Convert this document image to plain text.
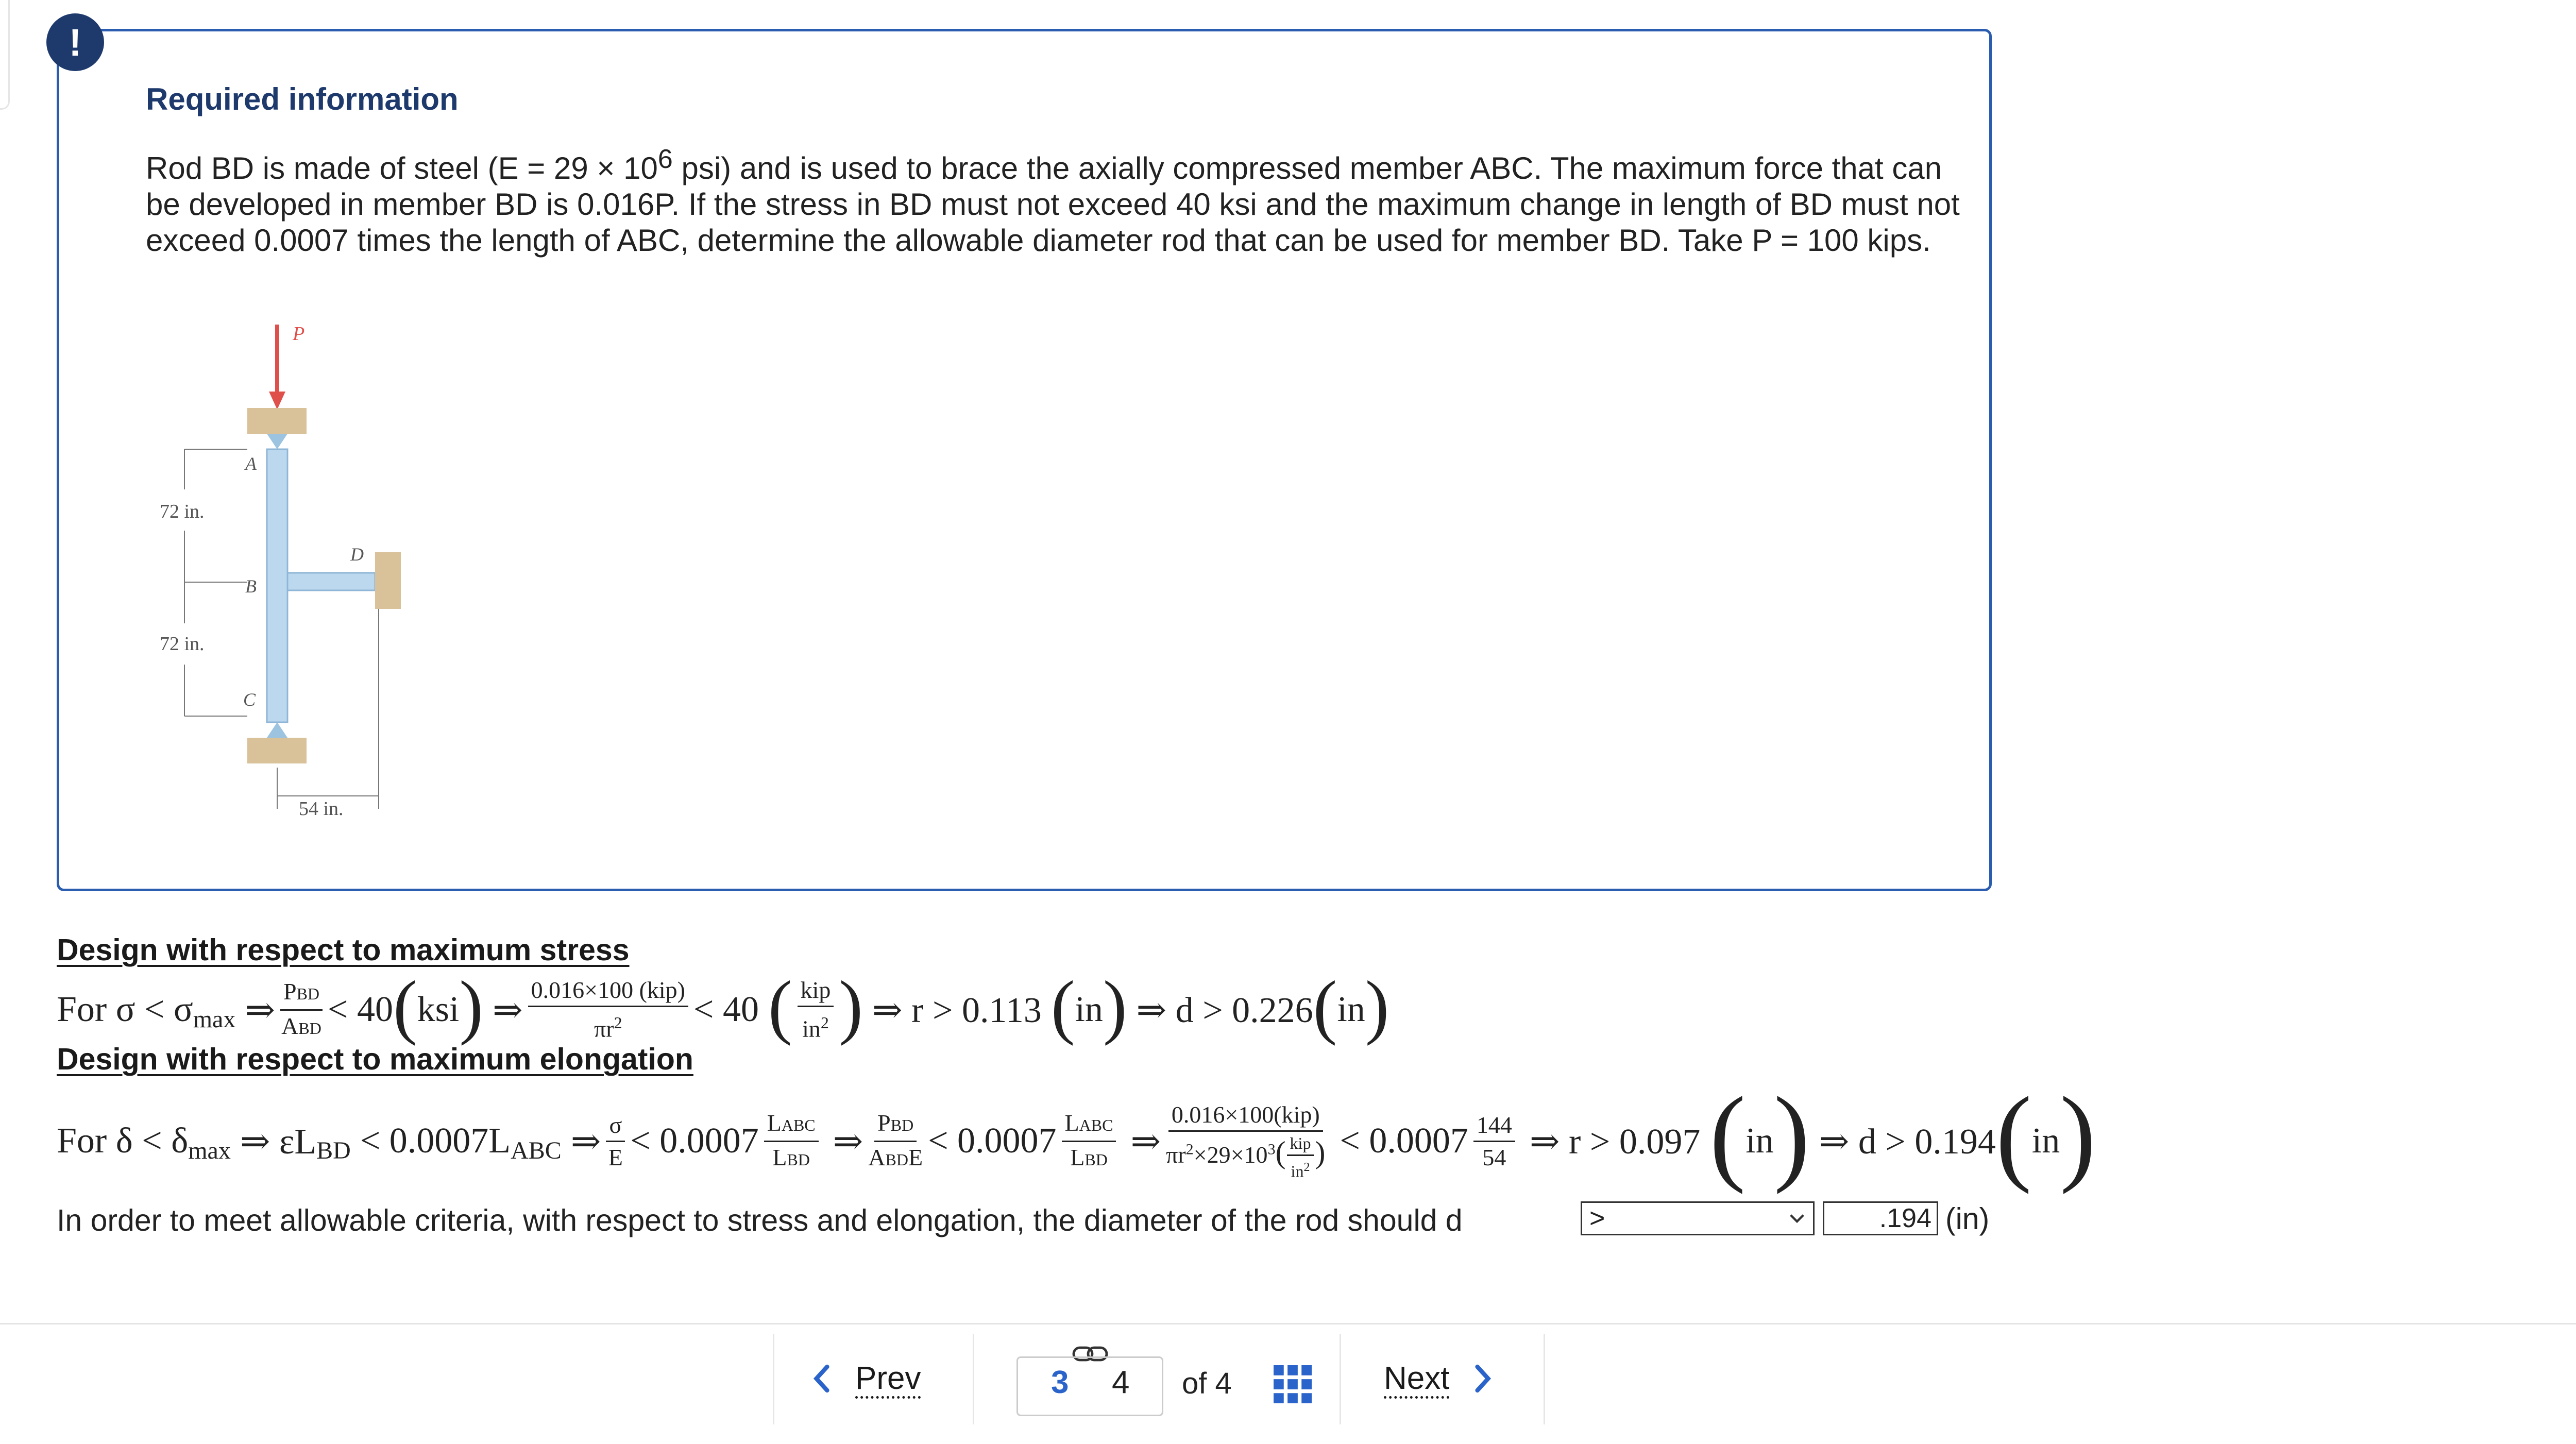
!
Required information
Rod BD is made of steel ($E = 29 \times 10^6$ psi) and is used to brace the axially compressed member ABC. The maximum force that can be developed in member BD is 0.016P. If the stress in BD must not exceed 40 ksi and the maximum change in length of BD must not exceed 0.0007 times the length of ABC, determine the allowable diameter rod that can be used for member BD. Take P = 100 kips.
P
A
B
C
D
72 in.
72 in.
54 in.
Design with respect to maximum stress
For σ < σ max ⇒ $\frac{\text{PBD}}{\text{ABD}} < 40$ ( ksi ) ⇒ $\frac{\text{0.016×100 (kip)}}{\pi r^2} < 40$ ( $\frac{\text{kip}}{in^2}$ ) ⇒ r > 0.113 ( in ) ⇒ d > 0.226 ( in )
Design with respect to maximum elongation
For δ < δ max ⇒ εL BD < 0.0007L ABC ⇒ $\frac{\sigma}{E} < 0.0007 \frac{\text{LABC}}{\text{LBD}}$ ⇒ $\frac{\text{PBD}}{\text{ABDE}} < 0.0007 \frac{\text{LABC}}{\text{LBD}}$ ⇒ $\frac{\text{0.016×100(kip)}}{\pi r^2\times 29\times 10^3( \frac{\text{kip}}{in^2} )} < 0.0007 \frac{144}{54}$ ⇒ r > 0.097 ( in ) ⇒ d > 0.194 ( in )
In order to meet allowable criteria, with respect to stress and elongation, the diameter of the rod should d	>	.194 (in)
Prev	3 4 of 4	Next
